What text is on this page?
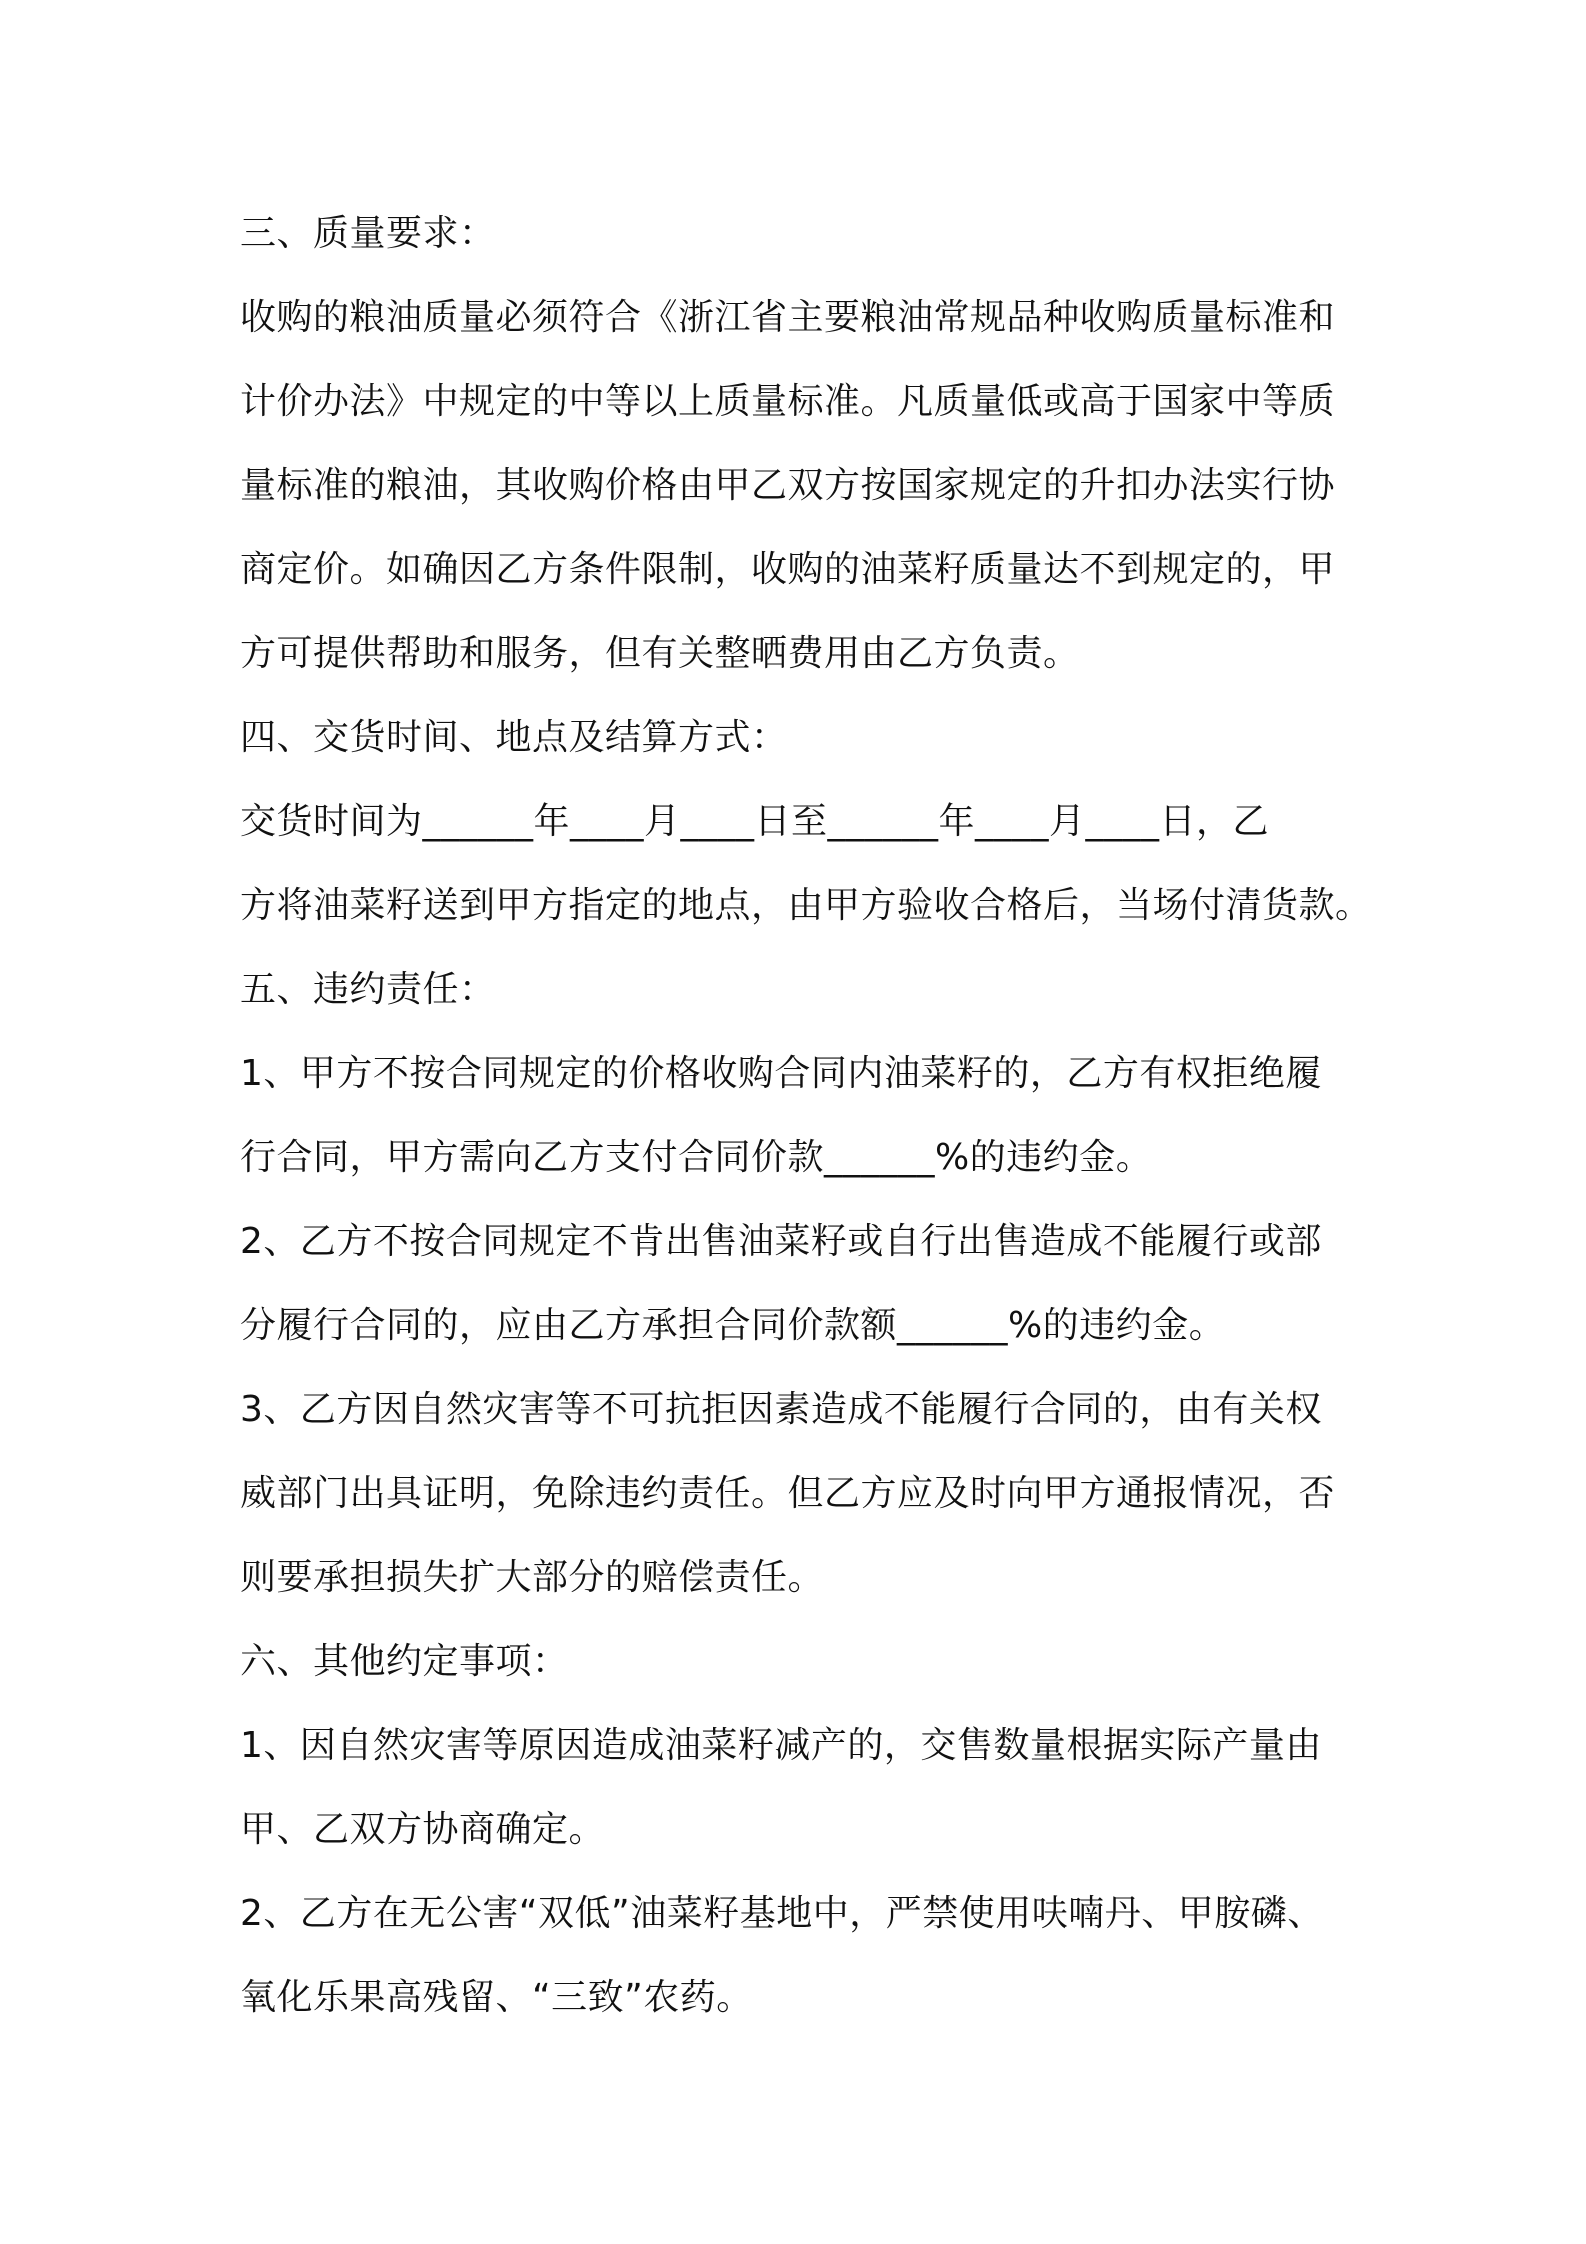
三、质量要求：
收购的粮油质量必须符合《浙江省主要粮油常规品种收购质量标准和
计价办法》中规定的中等以上质量标准。凡质量低或高于国家中等质
量标准的粮油，其收购价格由甲乙双方按国家规定的升扣办法实行协
商定价。如确因乙方条件限制，收购的油菜籽质量达不到规定的，甲
方可提供帮助和服务，但有关整晒费用由乙方负责。
四、交货时间、地点及结算方式：
交货时间为______年____月____日至______年____月____日，乙
方将油菜籽送到甲方指定的地点，由甲方验收合格后，当场付清货款。
五、违约责任：
1、甲方不按合同规定的价格收购合同内油菜籽的，乙方有权拒绝履
行合同，甲方需向乙方支付合同价款______%的违约金。
2、乙方不按合同规定不肯出售油菜籽或自行出售造成不能履行或部
分履行合同的，应由乙方承担合同价款额______%的违约金。
3、乙方因自然灾害等不可抗拒因素造成不能履行合同的，由有关权
威部门出具证明，免除违约责任。但乙方应及时向甲方通报情况，否
则要承担损失扩大部分的赔偿责任。
六、其他约定事项：
1、因自然灾害等原因造成油菜籽减产的，交售数量根据实际产量由
甲、乙双方协商确定。
2、乙方在无公害“双低”油菜籽基地中，严禁使用呋喃丹、甲胺磷、
氧化乐果高残留、“三致”农药。
